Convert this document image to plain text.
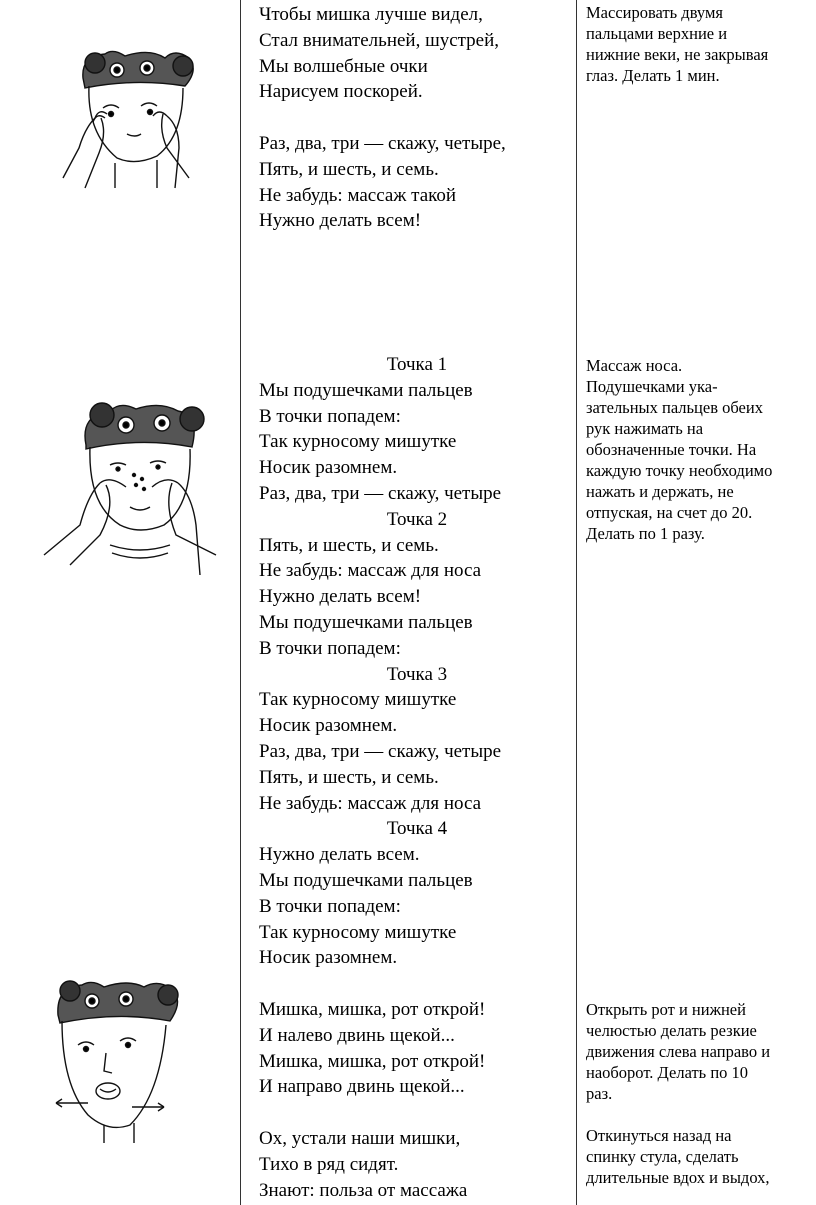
Чтобы мишка лучше видел,
Стал внимательней, шустрей,
Мы волшебные очки
Нарисуем поскорей.
Раз, два, три — скажу, четыре,
Пять, и шесть, и семь.
Не забудь: массаж такой
Нужно делать всем!
Массировать двумя
пальцами верхние и
нижние веки, не закрывая
глаз. Делать 1 мин.
Точка 1
Мы подушечками пальцев
В точки попадем:
Так курносому мишутке
Носик разомнем.
Раз, два, три — скажу, четыре
Точка 2
Пять, и шесть, и семь.
Не забудь: массаж для носа
Нужно делать всем!
Мы подушечками пальцев
В точки попадем:
Точка 3
Так курносому мишутке
Носик разомнем.
Раз, два, три — скажу, четыре
Пять, и шесть, и семь.
Не забудь: массаж для носа
Точка 4
Нужно делать всем.
Мы подушечками пальцев
В точки попадем:
Так курносому мишутке
Носик разомнем.
Массаж носа.
Подушечками ука-
зательных пальцев обеих
рук нажимать на
обозначенные точки. На
каждую точку необходимо
нажать и держать, не
отпуская, на счет до 20.
Делать по 1 разу.
Мишка, мишка, рот открой!
И налево двинь щекой...
Мишка, мишка, рот открой!
И направо двинь щекой...
Ох, устали наши мишки,
Тихо в ряд сидят.
Знают: польза от массажа
Открыть рот и нижней
челюстью делать резкие
движения слева направо и
наоборот. Делать по 10
раз.
Откинуться назад на
спинку стула, сделать
длительные вдох и выдох,
